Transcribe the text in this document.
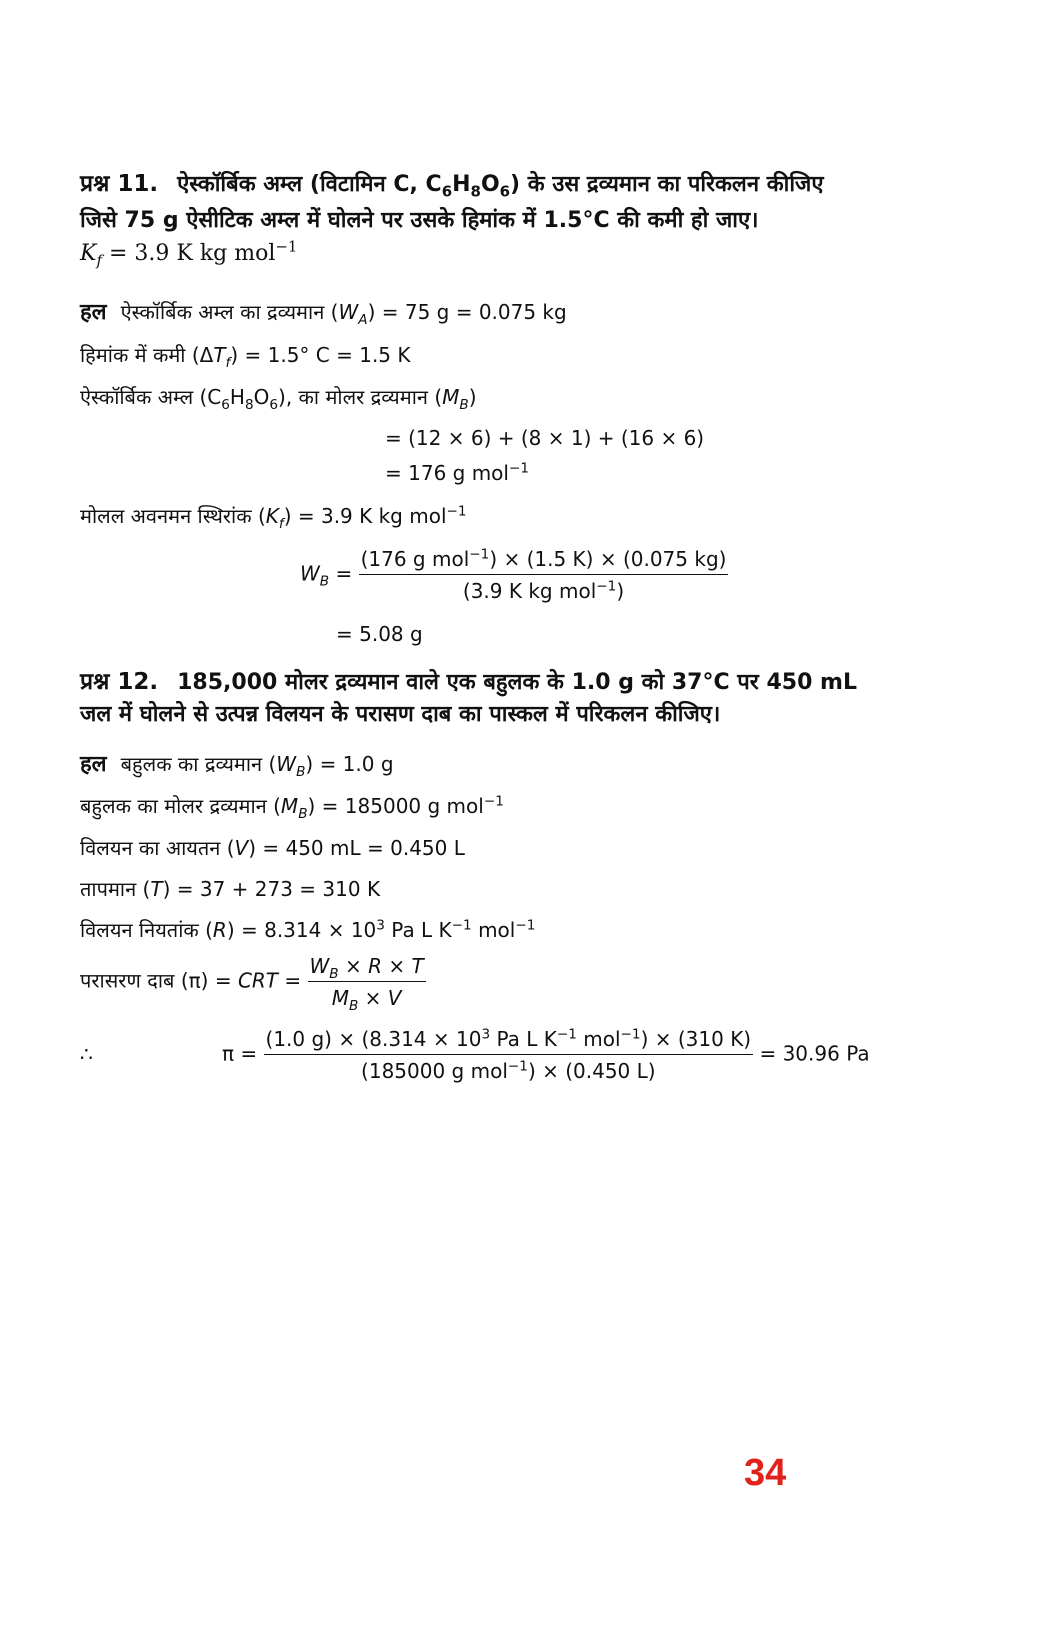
प्रश्न 11. ऐस्कॉर्बिक अम्ल (विटामिन C, $C_6H_8O_6$) के उस द्रव्यमान का परिकलन कीजिए
जिसे 75 g ऐसीटिक अम्ल में घोलने पर उसके हिमांक में 1.5°C की कमी हो जाए।
$K_f = 3.9$ K kg mol$^{-1}$
हल ऐस्कॉर्बिक अम्ल का द्रव्यमान $(W_A) = 75$ g = 0.075 kg
हिमांक में कमी $(\Delta T_f) = 1.5^\circ$ C = 1.5 K
ऐस्कॉर्बिक अम्ल $(C_6H_8O_6)$, का मोलर द्रव्यमान $(M_B)$
= (12 × 6) + (8 × 1) + (16 × 6)
= 176 g mol$^{-1}$
मोलल अवनमन स्थिरांक $(K_f) = 3.9$ K kg mol$^{-1}$
$W_B = \frac{(176 g mol^{-1}) \times (1.5 K) \times (0.075 kg)}{(3.9 K kg mol^{-1})}$
= 5.08 g
प्रश्न 12. 185,000 मोलर द्रव्यमान वाले एक बहुलक के 1.0 g को 37°C पर 450 mL
जल में घोलने से उत्पन्न विलयन के परासण दाब का पास्कल में परिकलन कीजिए।
हल बहुलक का द्रव्यमान $(W_B) = 1.0$ g
बहुलक का मोलर द्रव्यमान $(M_B) = 185000$ g mol$^{-1}$
विलयन का आयतन (V) = 450 mL = 0.450 L
तापमान (T) = 37 + 273 = 310 K
विलयन नियतांक $(R) = 8.314 \times 10^3$ Pa L $K^{-1}$ mol$^{-1}$
परासरण दाब (π) = CRT = $\frac{W_B \times R \times T}{M_B \times V}$
∴	$\pi = \frac{(1.0 g) \times (8.314 \times 10^3 Pa L K^{-1} mol^{-1}) \times (310 K)}{(185000 g mol^{-1}) \times (0.450 L)} = 30.96$ Pa
34
